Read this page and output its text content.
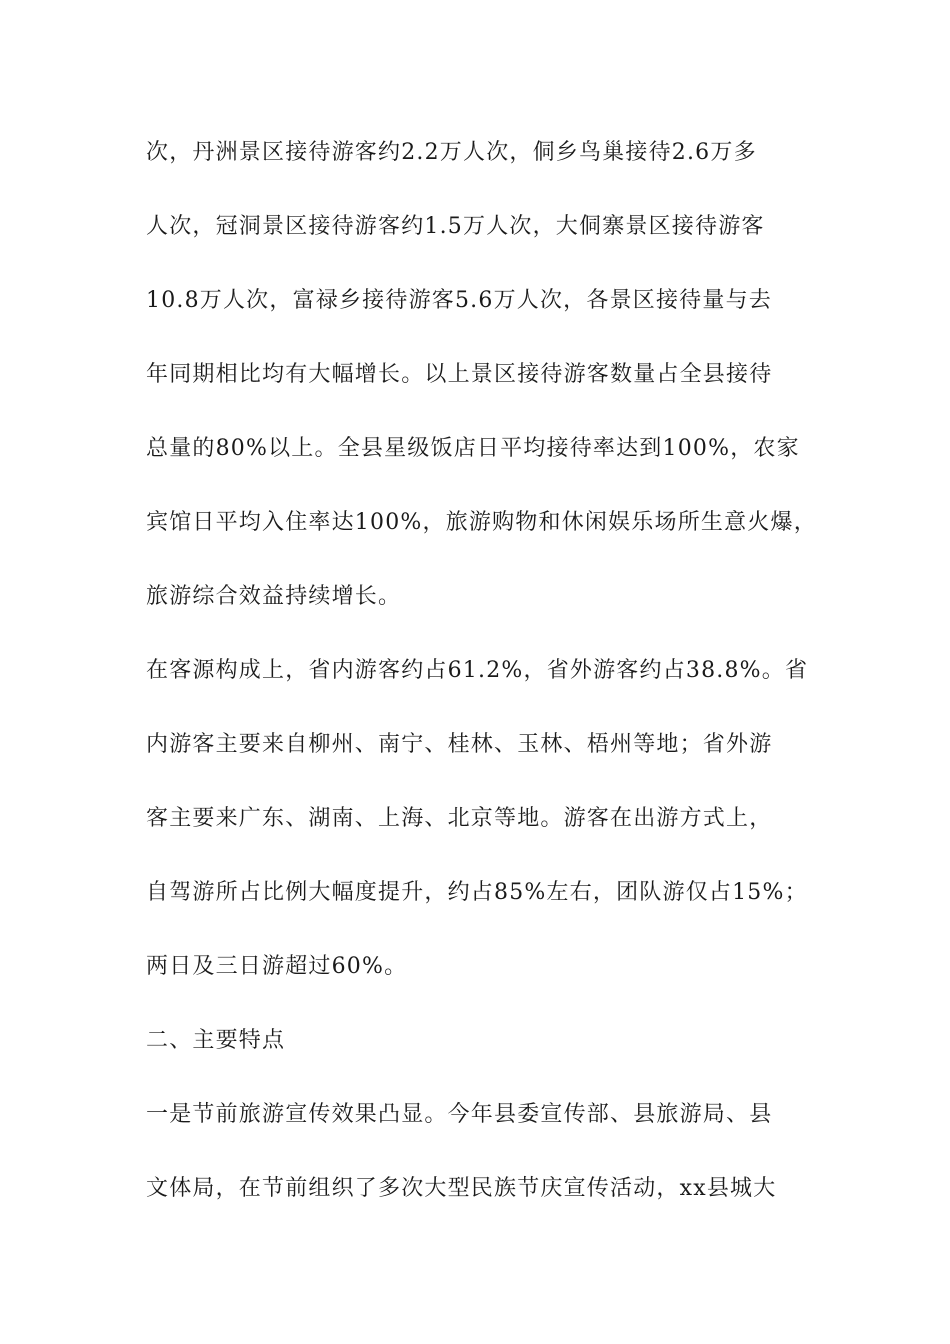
次，丹洲景区接待游客约2.2万人次，侗乡鸟巢接待2.6万多
人次，冠洞景区接待游客约1.5万人次，大侗寨景区接待游客
10.8万人次，富禄乡接待游客5.6万人次，各景区接待量与去
年同期相比均有大幅增长。以上景区接待游客数量占全县接待
总量的80%以上。全县星级饭店日平均接待率达到100%，农家
宾馆日平均入住率达100%，旅游购物和休闲娱乐场所生意火爆，
旅游综合效益持续增长。
在客源构成上，省内游客约占61.2%，省外游客约占38.8%。省
内游客主要来自柳州、南宁、桂林、玉林、梧州等地；省外游
客主要来广东、湖南、上海、北京等地。游客在出游方式上，
自驾游所占比例大幅度提升，约占85%左右，团队游仅占15%；
两日及三日游超过60%。
二、主要特点
一是节前旅游宣传效果凸显。今年县委宣传部、县旅游局、县
文体局，在节前组织了多次大型民族节庆宣传活动，xx县城大
